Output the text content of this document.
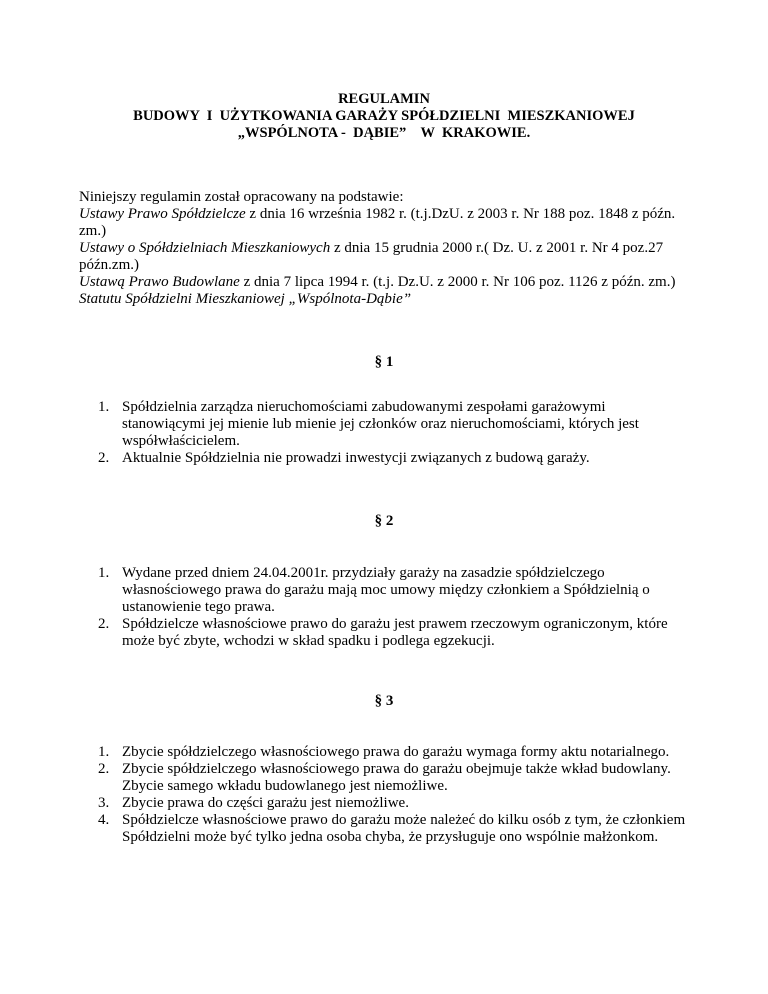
REGULAMIN
BUDOWY  I  UŻYTKOWANIA GARAŻY SPÓŁDZIELNI  MIESZKANIOWEJ
„WSPÓLNOTA -  DĄBIE”    W  KRAKOWIE.

Niniejszy regulamin został opracowany na podstawie:

Ustawy Prawo Spółdzielcze z dnia 16 września 1982 r. (t.j.DzU. z 2003 r. Nr 188 poz. 1848 z późn. zm.)

Ustawy o Spółdzielniach Mieszkaniowych z dnia 15 grudnia 2000 r.( Dz. U. z 2001 r. Nr 4 poz.27 późn.zm.)

Ustawą Prawo Budowlane z dnia 7 lipca 1994 r. (t.j. Dz.U. z 2000 r. Nr 106 poz. 1126 z późn. zm.)

Statutu Spółdzielni Mieszkaniowej „Wspólnota-Dąbie”

§ 1
1. Spółdzielnia zarządza nieruchomościami zabudowanymi zespołami garażowymi stanowiącymi jej mienie lub mienie jej członków oraz nieruchomościami, których jest współwłaścicielem.
2. Aktualnie Spółdzielnia nie prowadzi inwestycji związanych z budową garaży.
§ 2
1. Wydane przed dniem 24.04.2001r. przydziały garaży na zasadzie spółdzielczego własnościowego prawa do garażu mają moc umowy między członkiem a Spółdzielnią o ustanowienie tego prawa.
2. Spółdzielcze własnościowe prawo do garażu jest prawem rzeczowym ograniczonym, które może być zbyte, wchodzi w skład spadku i podlega egzekucji.
§ 3
1. Zbycie spółdzielczego własnościowego prawa do garażu wymaga formy aktu notarialnego.
2. Zbycie spółdzielczego własnościowego prawa do garażu obejmuje także wkład budowlany.
Zbycie samego wkładu budowlanego jest niemożliwe.
3. Zbycie prawa do części garażu jest niemożliwe.
4. Spółdzielcze własnościowe prawo do garażu może należeć do kilku osób z tym, że członkiem Spółdzielni może być tylko jedna osoba chyba, że przysługuje ono wspólnie małżonkom.
